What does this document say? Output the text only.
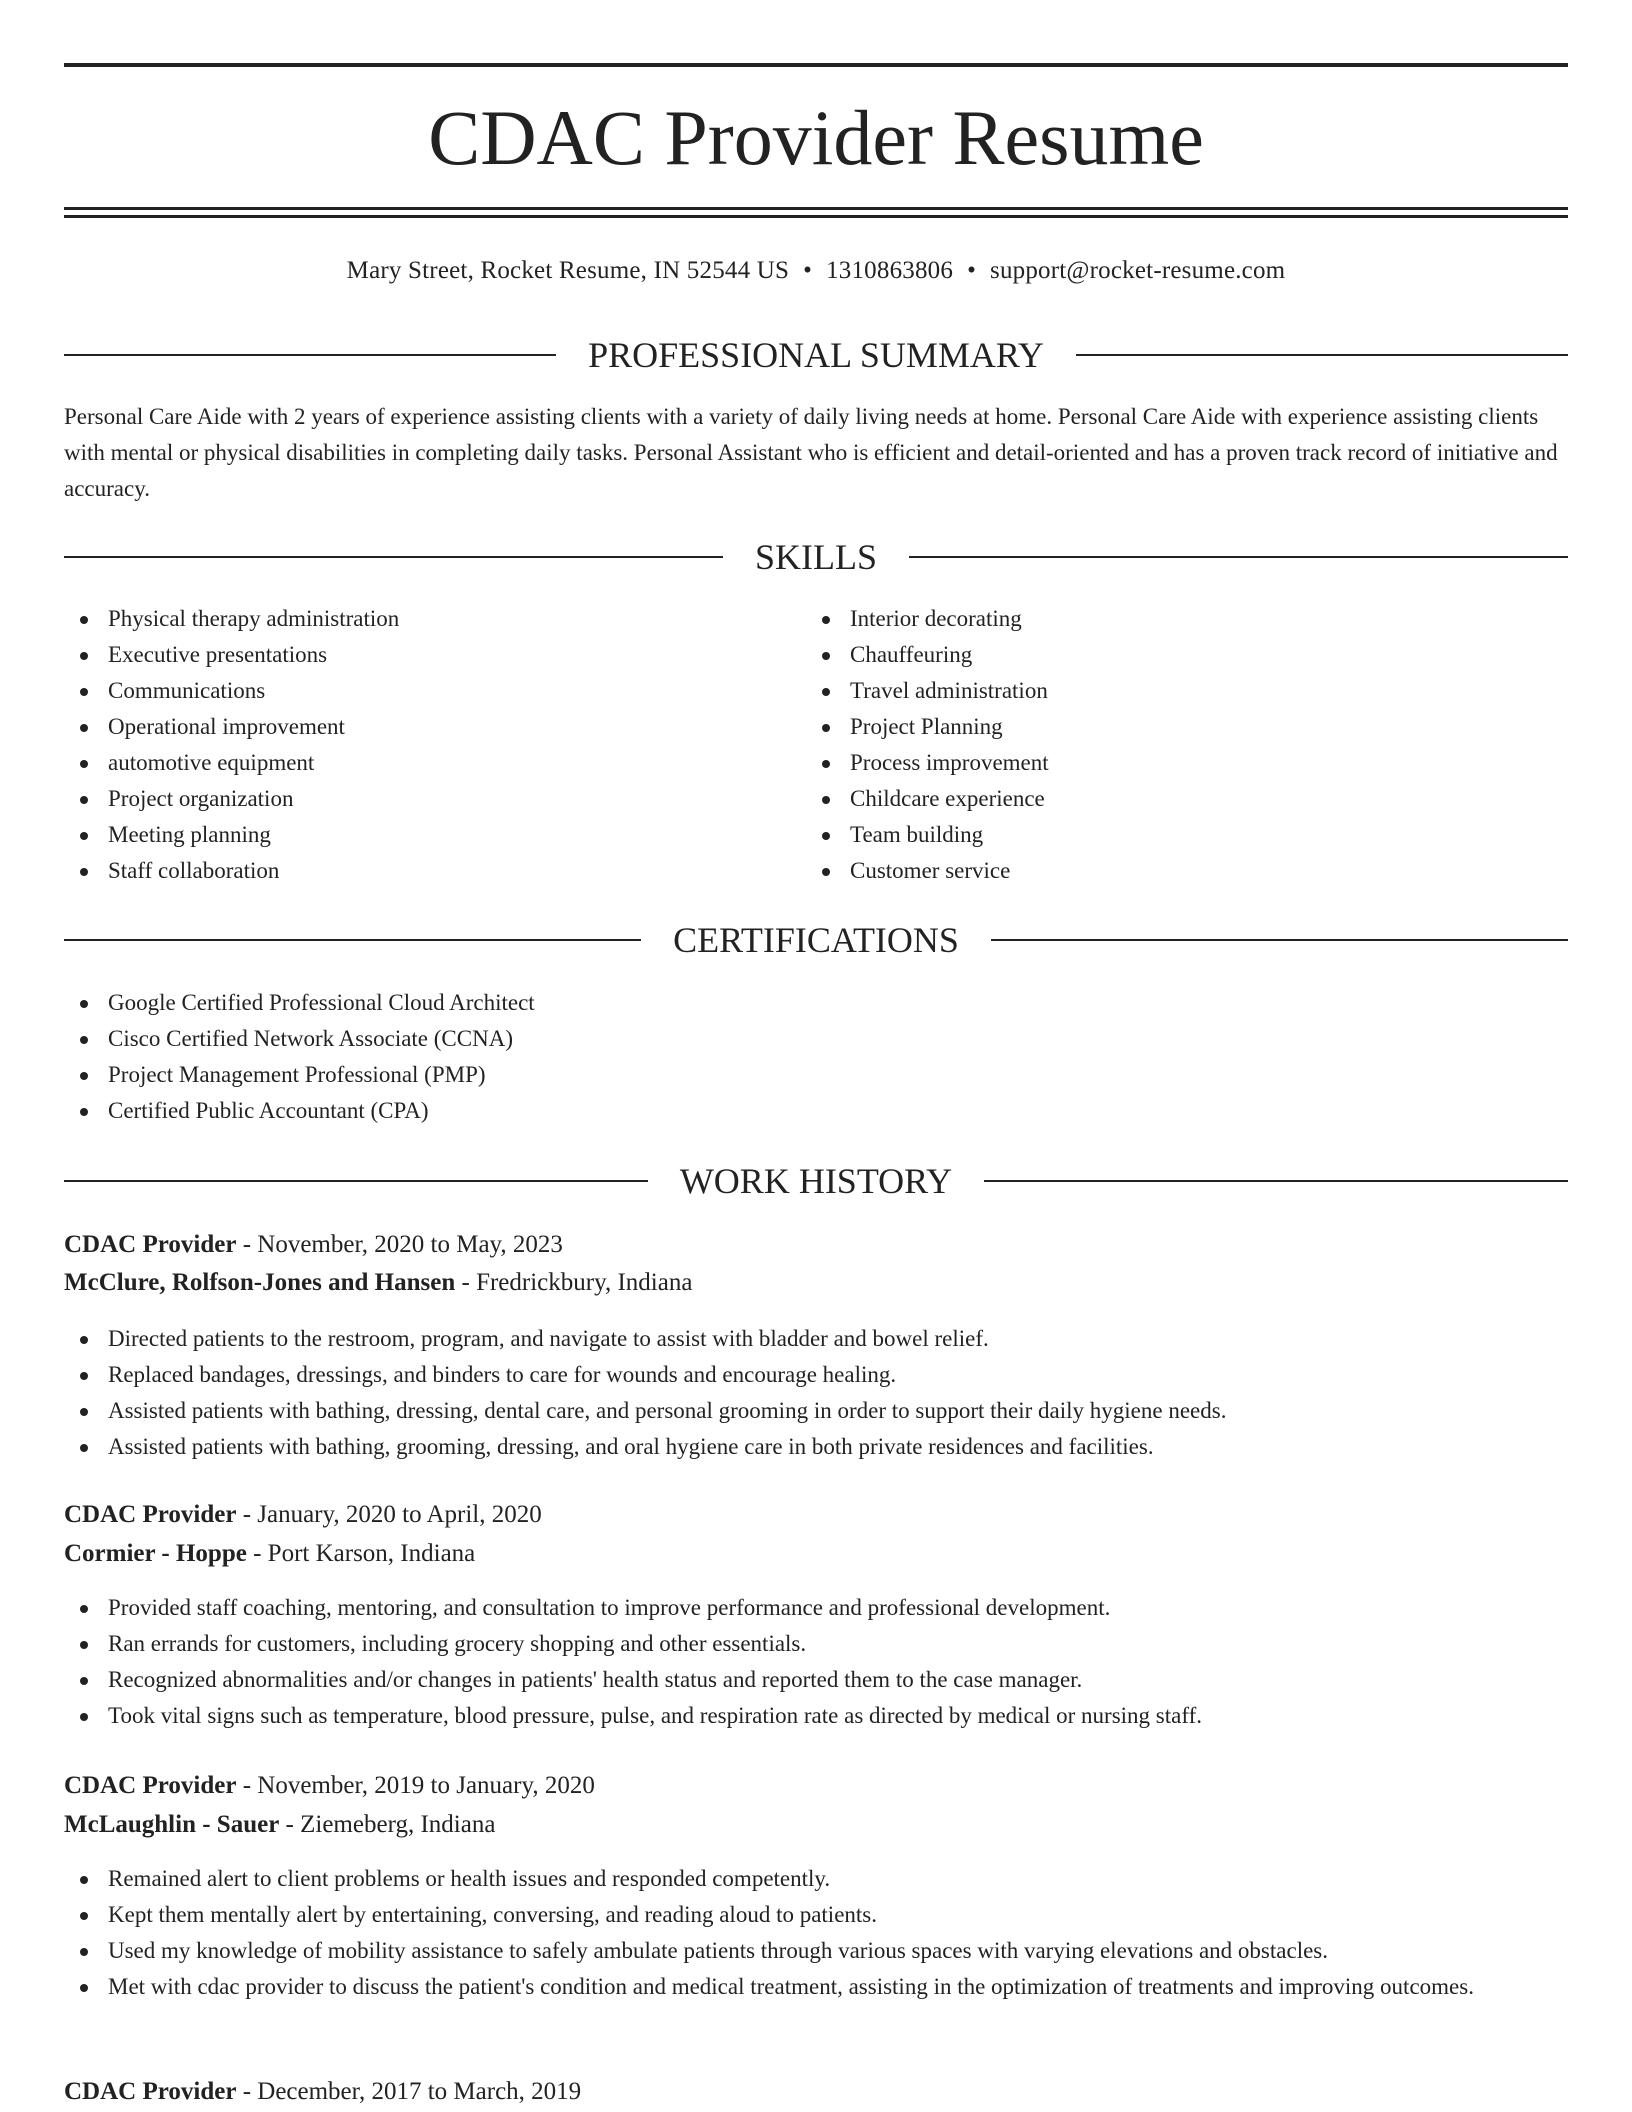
CDAC Provider Resume
Mary Street, Rocket Resume, IN 52544 US • 1310863806 • support@rocket-resume.com
PROFESSIONAL SUMMARY

Personal Care Aide with 2 years of experience assisting clients with a variety of daily living needs at home. Personal Care Aide with experience assisting clients with mental or physical disabilities in completing daily tasks. Personal Assistant who is efficient and detail-oriented and has a proven track record of initiative and accuracy.

SKILLS
Physical therapy administration
Executive presentations
Communications
Operational improvement
automotive equipment
Project organization
Meeting planning
Staff collaboration
Interior decorating
Chauffeuring
Travel administration
Project Planning
Process improvement
Childcare experience
Team building
Customer service
CERTIFICATIONS
Google Certified Professional Cloud Architect
Cisco Certified Network Associate (CCNA)
Project Management Professional (PMP)
Certified Public Accountant (CPA)
WORK HISTORY
CDAC Provider - November, 2020 to May, 2023
McClure, Rolfson-Jones and Hansen - Fredrickbury, Indiana
Directed patients to the restroom, program, and navigate to assist with bladder and bowel relief.
Replaced bandages, dressings, and binders to care for wounds and encourage healing.
Assisted patients with bathing, dressing, dental care, and personal grooming in order to support their daily hygiene needs.
Assisted patients with bathing, grooming, dressing, and oral hygiene care in both private residences and facilities.
CDAC Provider - January, 2020 to April, 2020
Cormier - Hoppe - Port Karson, Indiana
Provided staff coaching, mentoring, and consultation to improve performance and professional development.
Ran errands for customers, including grocery shopping and other essentials.
Recognized abnormalities and/or changes in patients' health status and reported them to the case manager.
Took vital signs such as temperature, blood pressure, pulse, and respiration rate as directed by medical or nursing staff.
CDAC Provider - November, 2019 to January, 2020
McLaughlin - Sauer - Ziemeberg, Indiana
Remained alert to client problems or health issues and responded competently.
Kept them mentally alert by entertaining, conversing, and reading aloud to patients.
Used my knowledge of mobility assistance to safely ambulate patients through various spaces with varying elevations and obstacles.
Met with cdac provider to discuss the patient's condition and medical treatment, assisting in the optimization of treatments and improving outcomes.
CDAC Provider - December, 2017 to March, 2019
